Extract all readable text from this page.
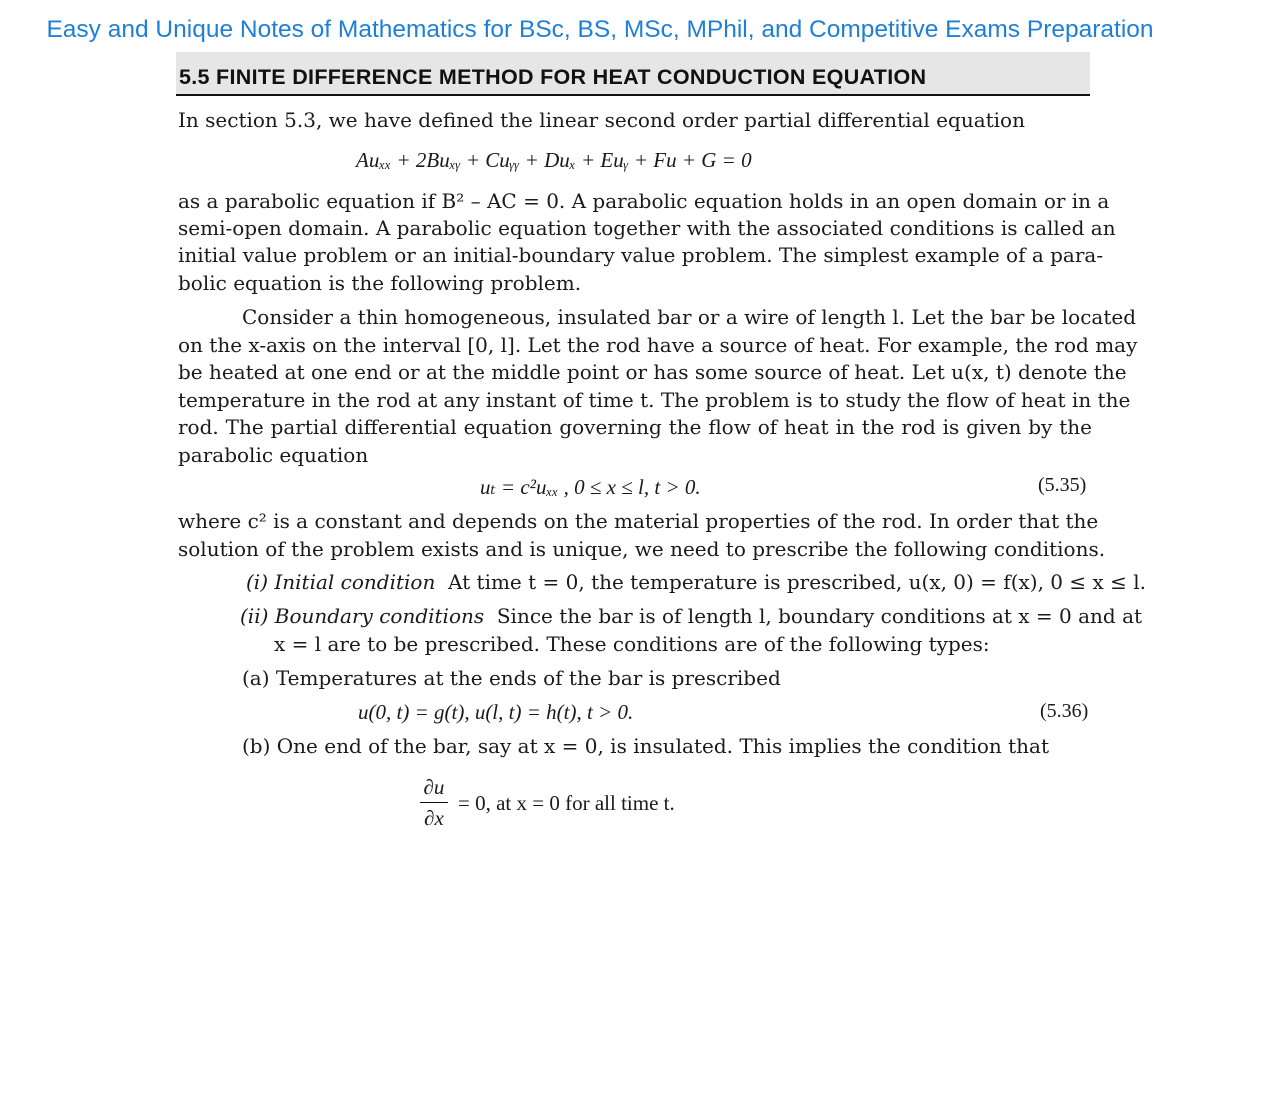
Easy and Unique Notes of Mathematics for BSc, BS, MSc, MPhil, and Competitive Exams Preparation
5.5 FINITE DIFFERENCE METHOD FOR HEAT CONDUCTION EQUATION
In section 5.3, we have defined the linear second order partial differential equation
Auₓₓ + 2Buₓᵧ + Cuᵧᵧ + Duₓ + Euᵧ + Fu + G = 0
as a parabolic equation if B² – AC = 0. A parabolic equation holds in an open domain or in a
semi-open domain. A parabolic equation together with the associated conditions is called an
initial value problem or an initial-boundary value problem. The simplest example of a para-
bolic equation is the following problem.
Consider a thin homogeneous, insulated bar or a wire of length l. Let the bar be located
on the x-axis on the interval [0, l]. Let the rod have a source of heat. For example, the rod may
be heated at one end or at the middle point or has some source of heat. Let u(x, t) denote the
temperature in the rod at any instant of time t. The problem is to study the flow of heat in the
rod. The partial differential equation governing the flow of heat in the rod is given by the
parabolic equation
uₜ = c²uₓₓ , 0 ≤ x ≤ l, t > 0.	(5.35)
where c² is a constant and depends on the material properties of the rod. In order that the
solution of the problem exists and is unique, we need to prescribe the following conditions.
(i) Initial condition At time t = 0, the temperature is prescribed, u(x, 0) = f(x), 0 ≤ x ≤ l.
(ii) Boundary conditions Since the bar is of length l, boundary conditions at x = 0 and at
x = l are to be prescribed. These conditions are of the following types:
(a) Temperatures at the ends of the bar is prescribed
u(0, t) = g(t), u(l, t) = h(t), t > 0.	(5.36)
(b) One end of the bar, say at x = 0, is insulated. This implies the condition that
∂u
∂x
= 0, at x = 0 for all time t.
